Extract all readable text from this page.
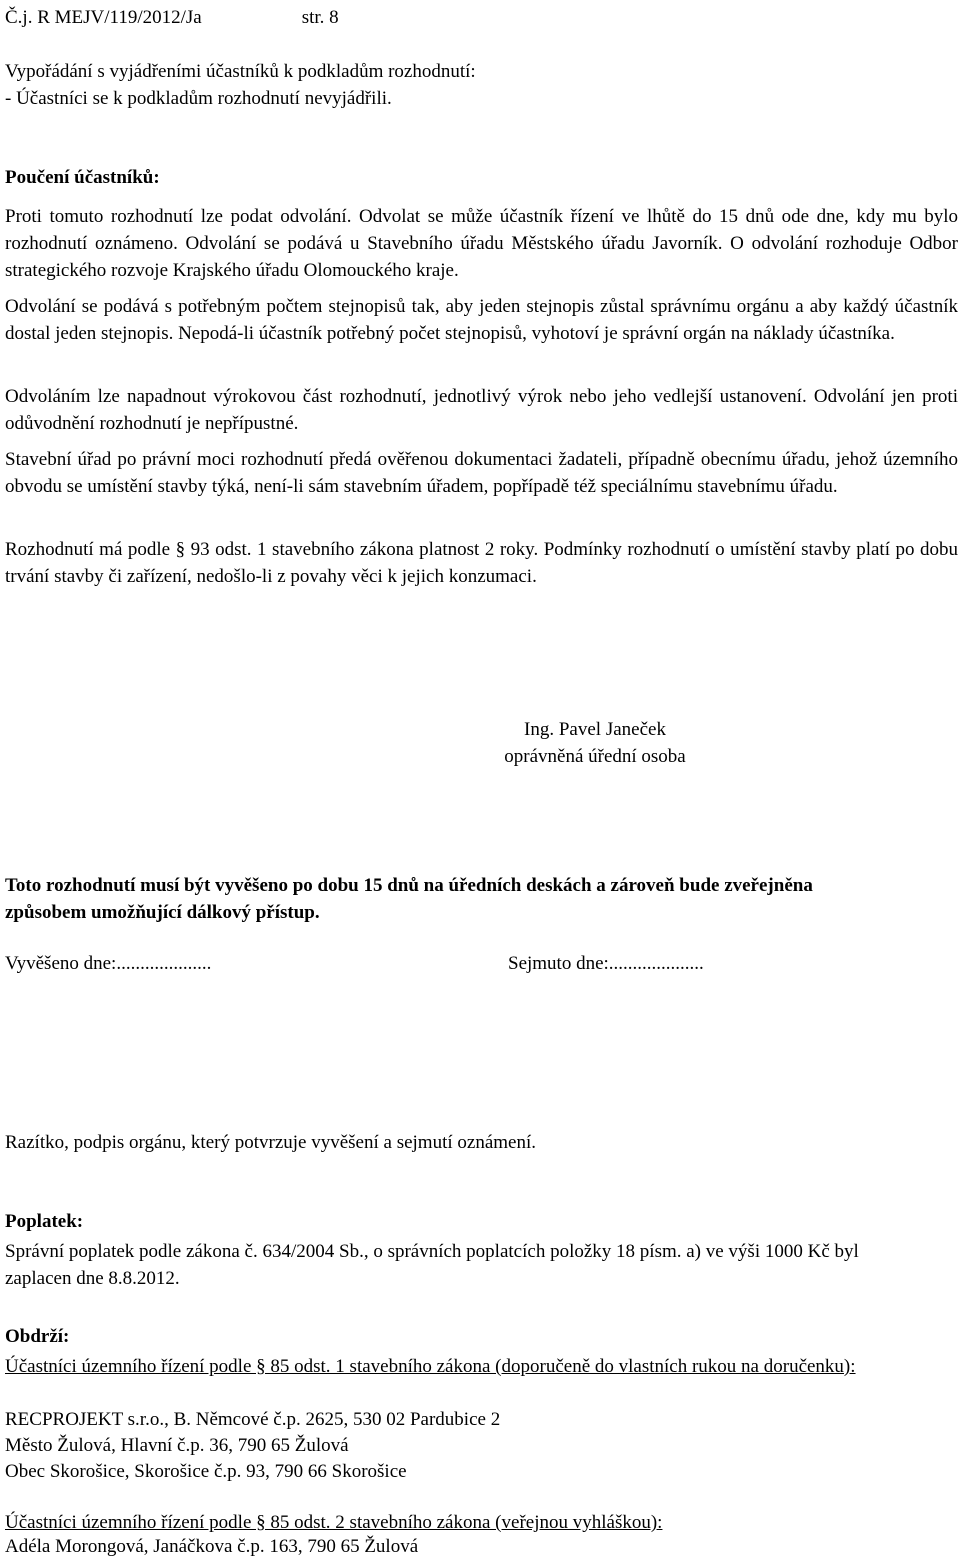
Č.j. R MEJV/119/2012/Ja	str. 8

Vypořádání s vyjádřeními účastníků k podkladům rozhodnutí:

- Účastníci se k podkladům rozhodnutí nevyjádřili.

Poučení účastníků:

Proti tomuto rozhodnutí lze podat odvolání. Odvolat se může účastník řízení ve lhůtě do 15 dnů ode dne, kdy mu bylo rozhodnutí oznámeno. Odvolání se podává u Stavebního úřadu Městského úřadu Javorník. O odvolání rozhoduje Odbor strategického rozvoje Krajského úřadu Olomouckého kraje.

Odvolání se podává s potřebným počtem stejnopisů tak, aby jeden stejnopis zůstal správnímu orgánu a aby každý účastník dostal jeden stejnopis. Nepodá-li účastník potřebný počet stejnopisů, vyhotoví je správní orgán na náklady účastníka.

Odvoláním lze napadnout výrokovou část rozhodnutí, jednotlivý výrok nebo jeho vedlejší ustanovení. Odvolání jen proti odůvodnění rozhodnutí je nepřípustné.

Stavební úřad po právní moci rozhodnutí předá ověřenou dokumentaci žadateli, případně obecnímu úřadu, jehož územního obvodu se umístění stavby týká, není-li sám stavebním úřadem, popřípadě též speciálnímu stavebnímu úřadu.

Rozhodnutí má podle § 93 odst. 1 stavebního zákona platnost 2 roky. Podmínky rozhodnutí o umístění stavby platí po dobu trvání stavby či zařízení, nedošlo-li z povahy věci k jejich konzumaci.

Ing. Pavel Janeček
oprávněná úřední osoba

Toto rozhodnutí musí být vyvěšeno po dobu 15 dnů na úředních deskách a zároveň bude zveřejněna způsobem umožňující dálkový přístup.

Vyvěšeno dne:....................	Sejmuto dne:....................

Razítko, podpis orgánu, který potvrzuje vyvěšení a sejmutí oznámení.

Poplatek:

Správní poplatek podle zákona č. 634/2004 Sb., o správních poplatcích položky 18 písm. a) ve výši 1000 Kč byl zaplacen dne 8.8.2012.

Obdrží:

Účastníci územního řízení podle § 85 odst. 1 stavebního zákona (doporučeně do vlastních rukou na doručenku):

RECPROJEKT s.r.o., B. Němcové č.p. 2625, 530 02 Pardubice 2

Město Žulová, Hlavní č.p. 36, 790 65 Žulová

Obec Skorošice, Skorošice č.p. 93, 790 66 Skorošice

Účastníci územního řízení podle § 85 odst. 2 stavebního zákona (veřejnou vyhláškou):

Adéla Morongová, Janáčkova č.p. 163, 790 65 Žulová
